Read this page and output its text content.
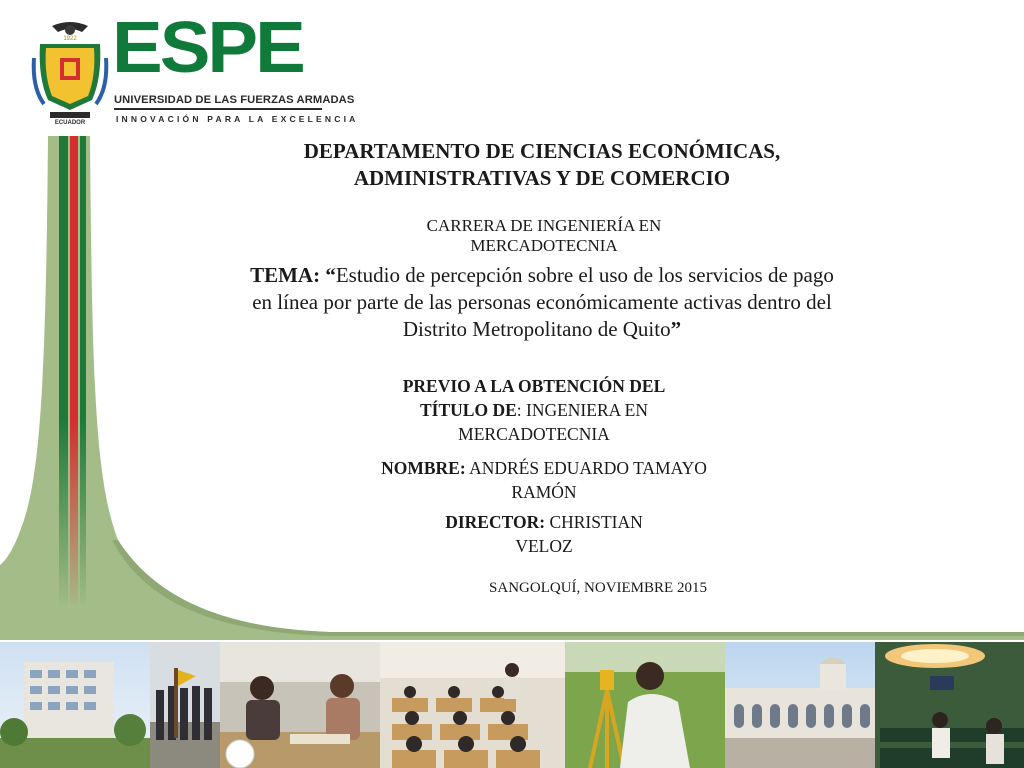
1922
ECUADOR
ESPE
UNIVERSIDAD DE LAS FUERZAS ARMADAS
INNOVACIÓN PARA LA EXCELENCIA
DEPARTAMENTO DE CIENCIAS ECONÓMICAS,
ADMINISTRATIVAS Y DE COMERCIO
CARRERA DE INGENIERÍA EN
MERCADOTECNIA
TEMA: “Estudio de percepción sobre el uso de los servicios de pago
en línea por parte de las personas económicamente activas dentro del
Distrito Metropolitano de Quito”
PREVIO A LA OBTENCIÓN DEL
TÍTULO DE: INGENIERA EN
MERCADOTECNIA
NOMBRE: ANDRÉS EDUARDO TAMAYO
RAMÓN
DIRECTOR: CHRISTIAN
VELOZ
SANGOLQUÍ, NOVIEMBRE 2015
